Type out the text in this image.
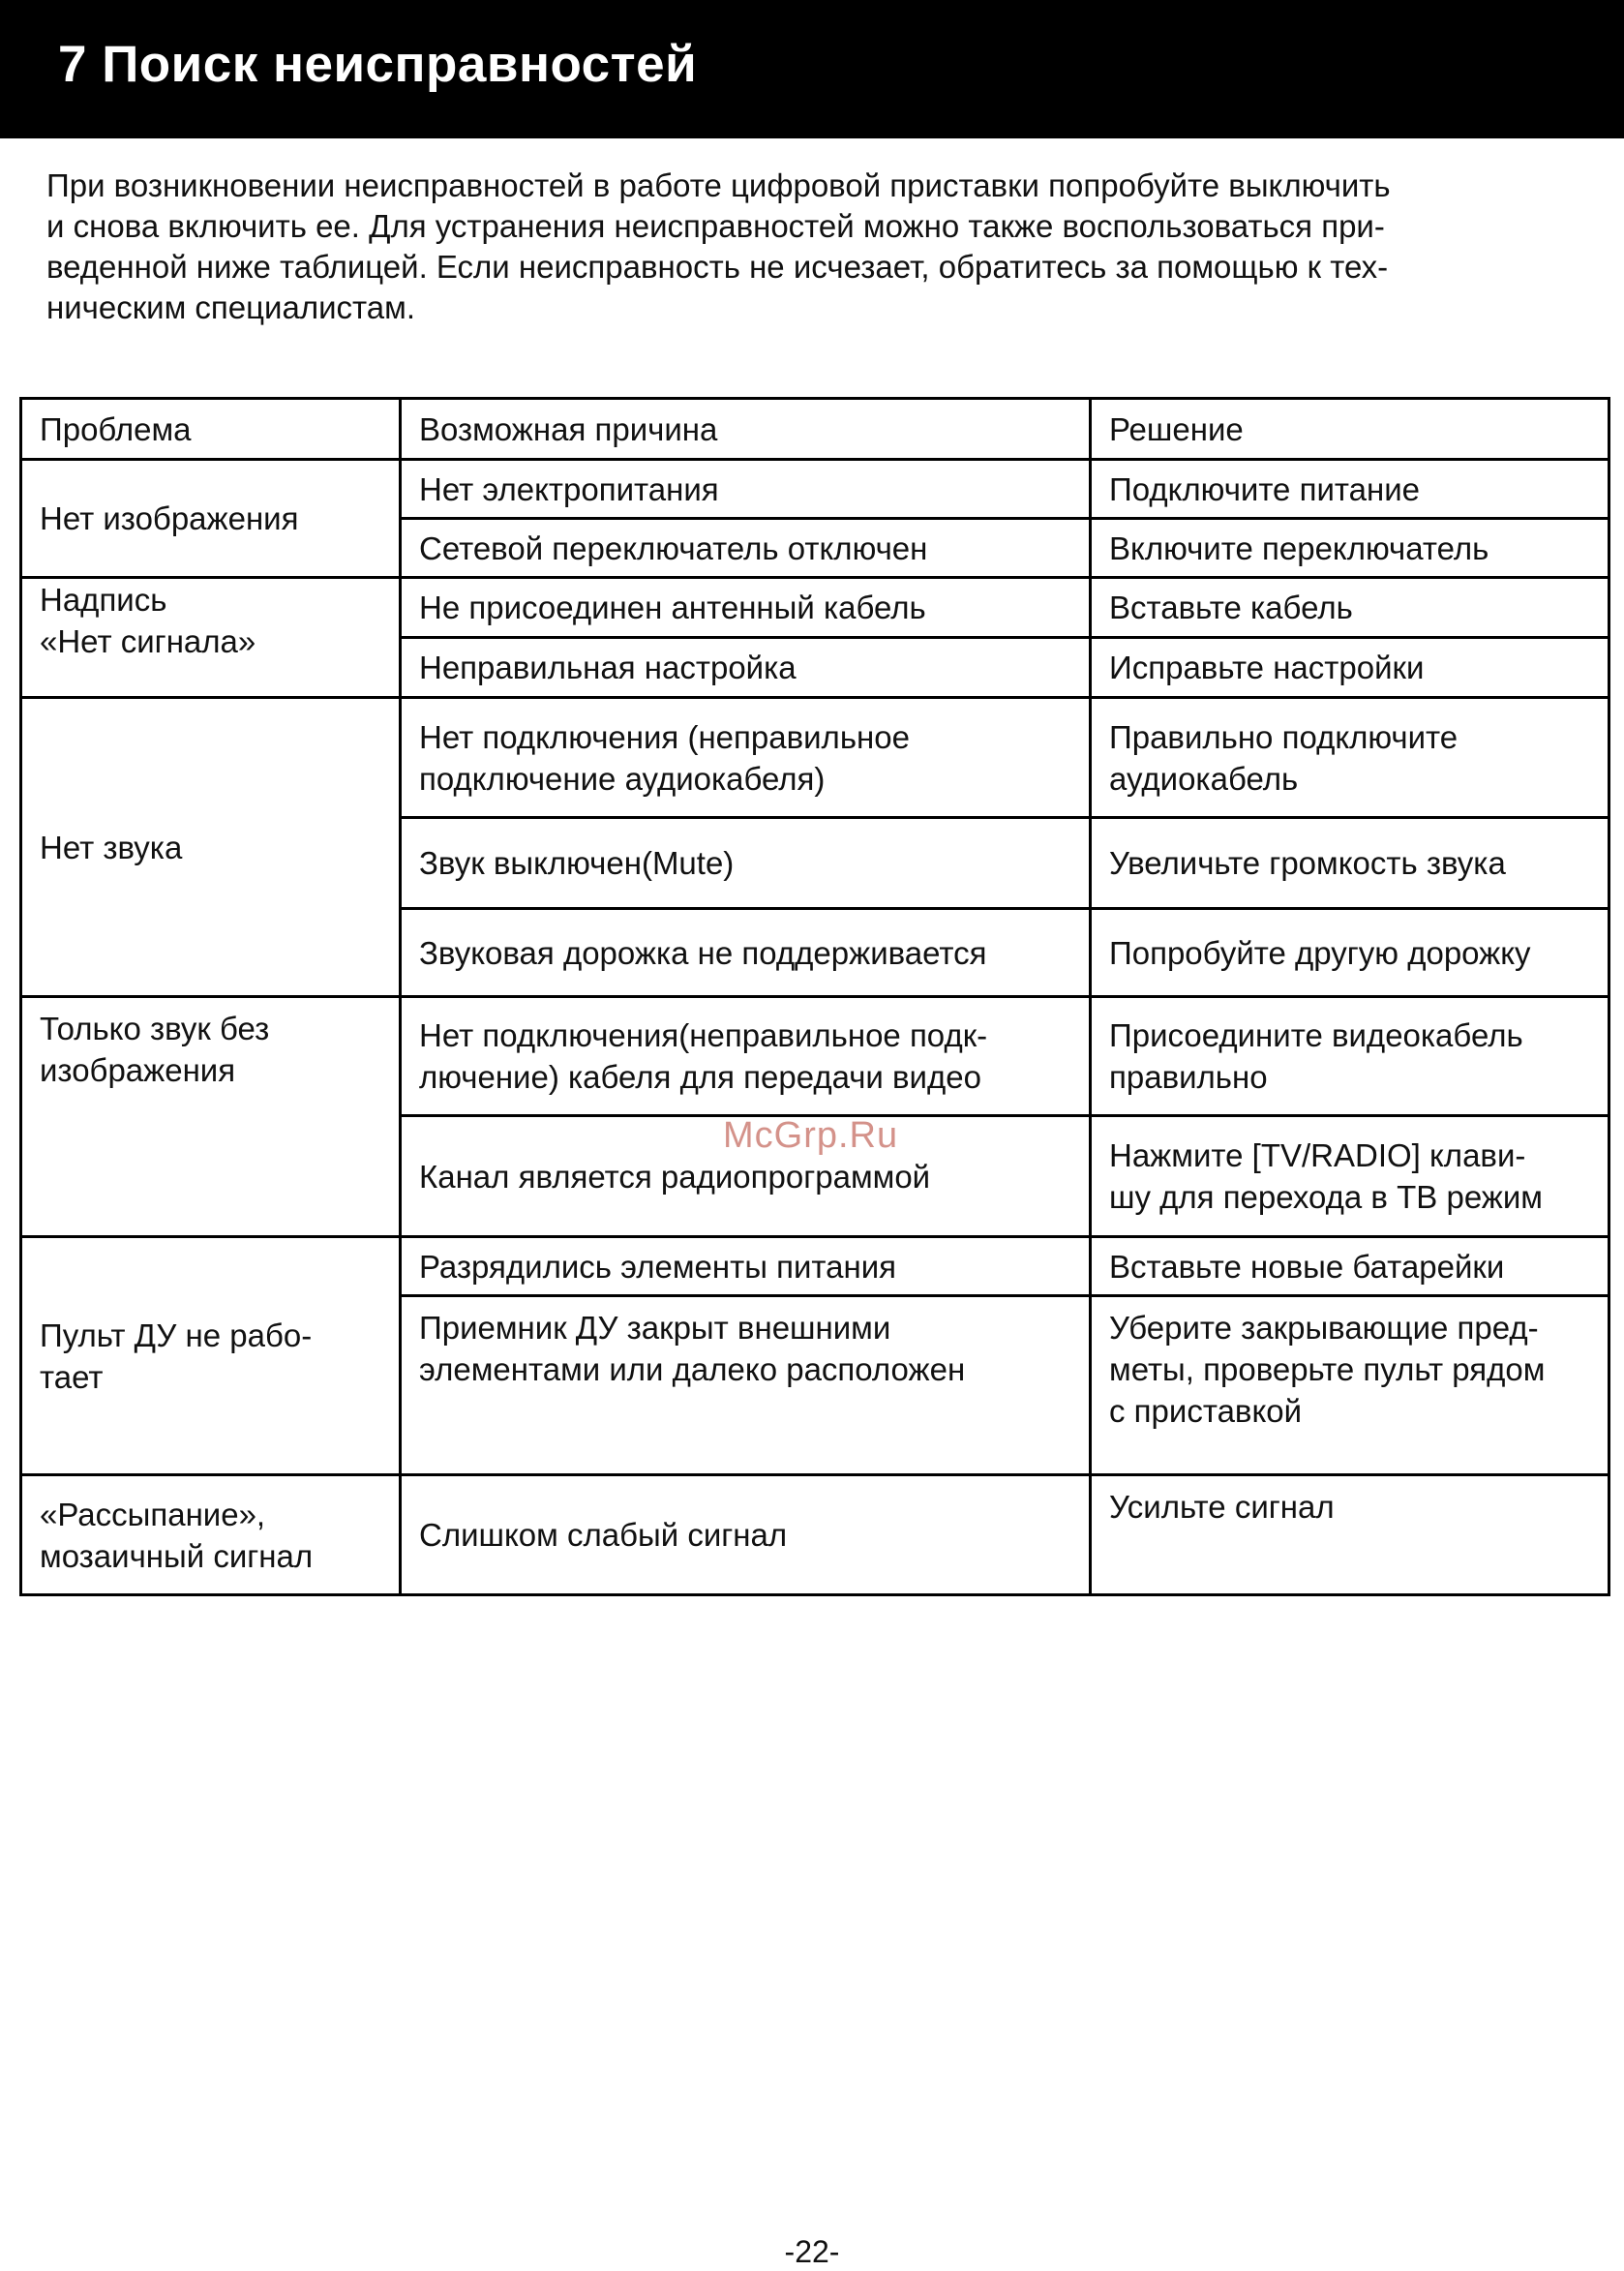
7 Поиск неисправностей
При возникновении неисправностей в работе цифровой приставки попробуйте выключить
и снова включить ее. Для устранения неисправностей можно также воспользоваться при-
веденной ниже таблицей. Если неисправность не исчезает, обратитесь за помощью к тех-
ническим специалистам.
Проблема	Возможная причина	Решение

Нет изображения	Нет электропитания	Подключите питание

	Сетевой переключатель отключен	Включите переключатель

Надпись
«Нет сигнала»	Не присоединен антенный кабель	Вставьте кабель

	Неправильная настройка	Исправьте настройки

Нет звука	Нет подключения (неправильное
подключение аудиокабеля)	Правильно подключите
аудиокабель

	Звук выключен(Mute)	Увеличьте громкость звука

	Звуковая дорожка не поддерживается	Попробуйте другую дорожку

Только звук без
изображения	Нет подключения(неправильное подк-
лючение) кабеля для передачи видео	Присоедините видеокабель
правильно

	Канал является радиопрограммой	Нажмите [TV/RADIO] клави-
шу для перехода в ТВ режим

Пульт ДУ не рабо-
тает	Разрядились элементы питания	Вставьте новые батарейки

	Приемник ДУ закрыт внешними
элементами или далеко расположен	Уберите закрывающие пред-
меты, проверьте пульт рядом
с приставкой

«Рассыпание»,
мозаичный сигнал	Слишком слабый сигнал	Усильте сигнал
McGrp.Ru
-22-
